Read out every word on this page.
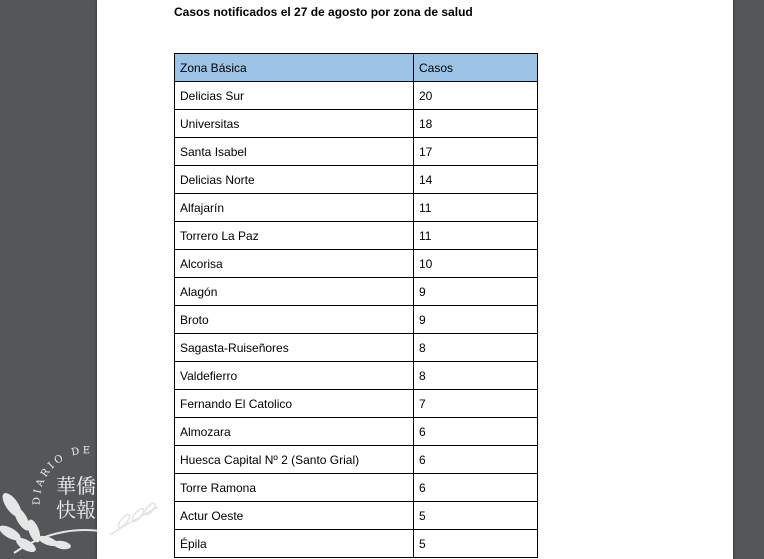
Casos notificados el 27 de agosto por zona de salud
Zona Básica	Casos
Delicias Sur	20
Universitas	18
Santa Isabel	17
Delicias Norte	14
Alfajarín	11
Torrero La Paz	11
Alcorisa	10
Alagón	9
Broto	9
Sagasta-Ruiseñores	8
Valdefierro	8
Fernando El Catolico	7
Almozara	6
Huesca Capital Nº 2 (Santo Grial)	6
Torre Ramona	6
Actur Oeste	5
Épila	5
DIARIO DE CHINOS
華僑
快報
